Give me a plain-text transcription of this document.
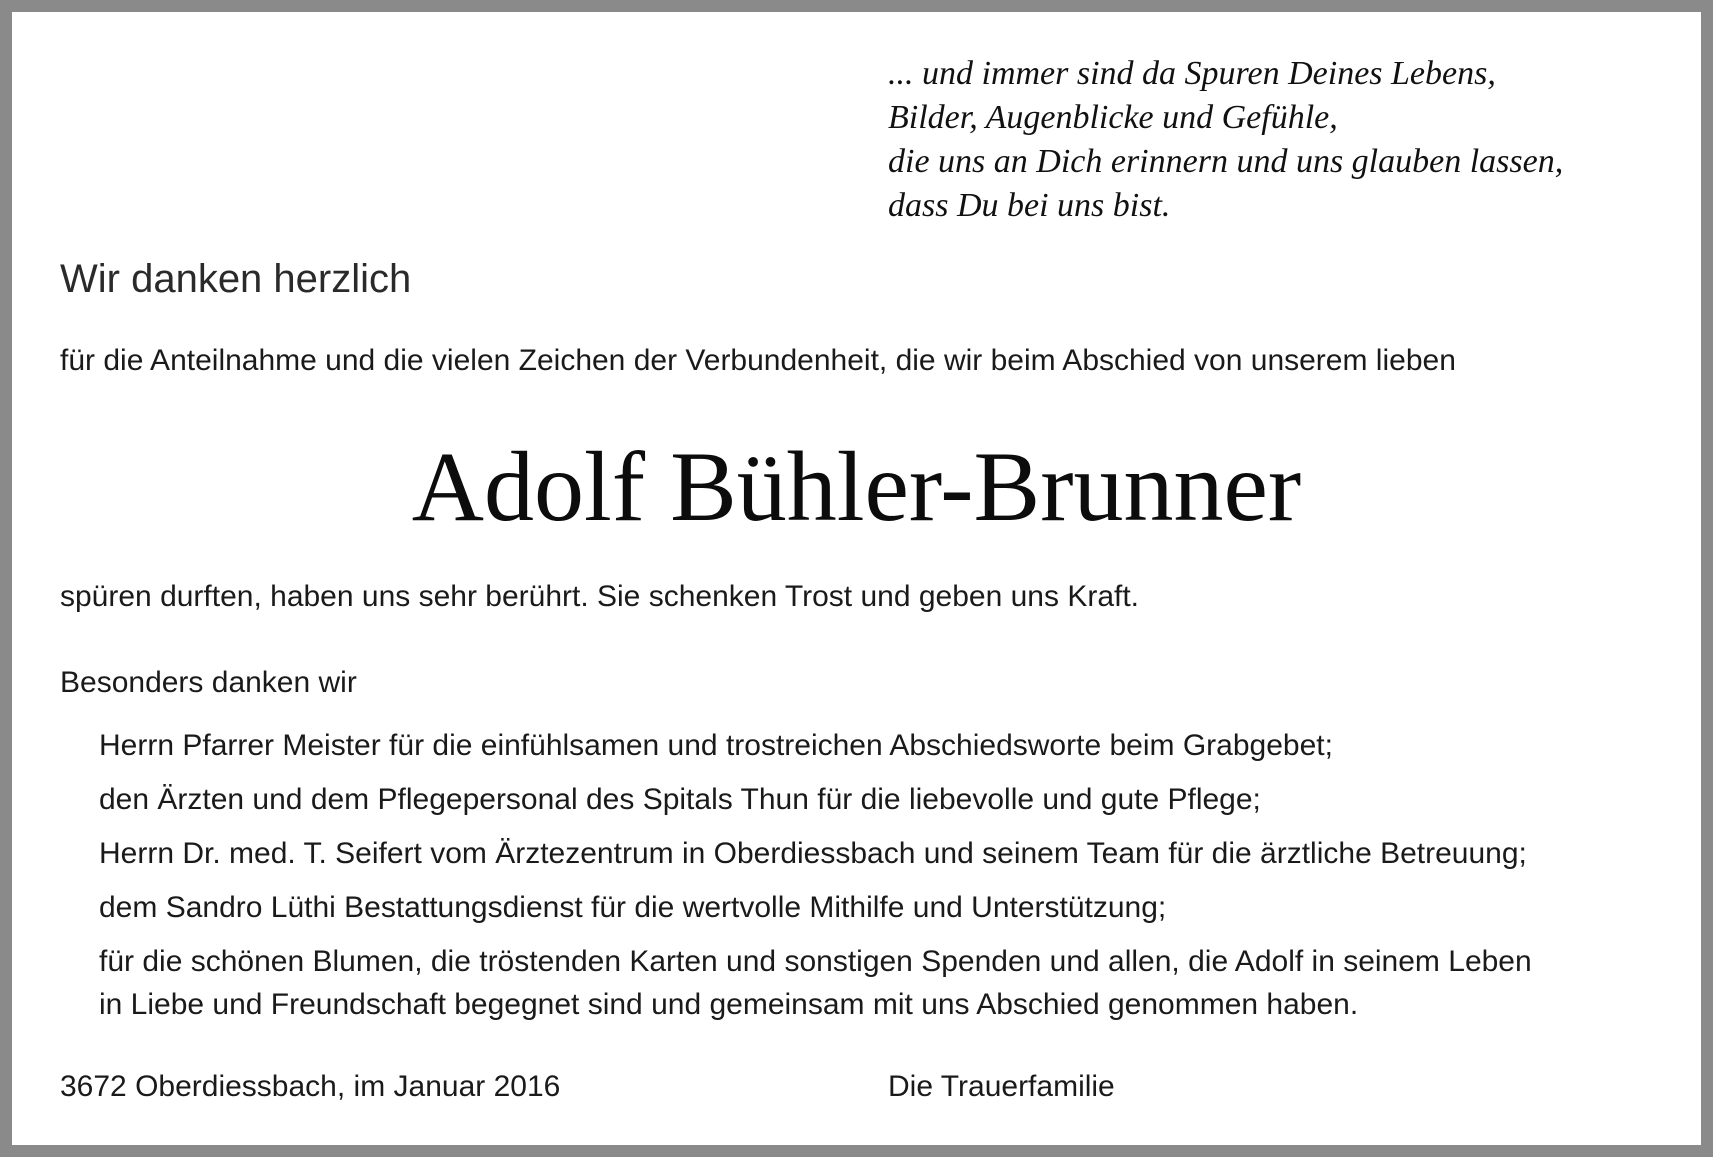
... und immer sind da Spuren Deines Lebens,
Bilder, Augenblicke und Gefühle,
die uns an Dich erinnern und uns glauben lassen,
dass Du bei uns bist.
Wir danken herzlich
für die Anteilnahme und die vielen Zeichen der Verbundenheit, die wir beim Abschied von unserem lieben
Adolf Bühler-Brunner
spüren durften, haben uns sehr berührt. Sie schenken Trost und geben uns Kraft.
Besonders danken wir
Herrn Pfarrer Meister für die einfühlsamen und trostreichen Abschiedsworte beim Grabgebet;
den Ärzten und dem Pflegepersonal des Spitals Thun für die liebevolle und gute Pflege;
Herrn Dr. med. T. Seifert vom Ärztezentrum in Oberdiessbach und seinem Team für die ärztliche Betreuung;
dem Sandro Lüthi Bestattungsdienst für die wertvolle Mithilfe und Unterstützung;
für die schönen Blumen, die tröstenden Karten und sonstigen Spenden und allen, die Adolf in seinem Leben
in Liebe und Freundschaft begegnet sind und gemeinsam mit uns Abschied genommen haben.
3672 Oberdiessbach, im Januar 2016	Die Trauerfamilie
